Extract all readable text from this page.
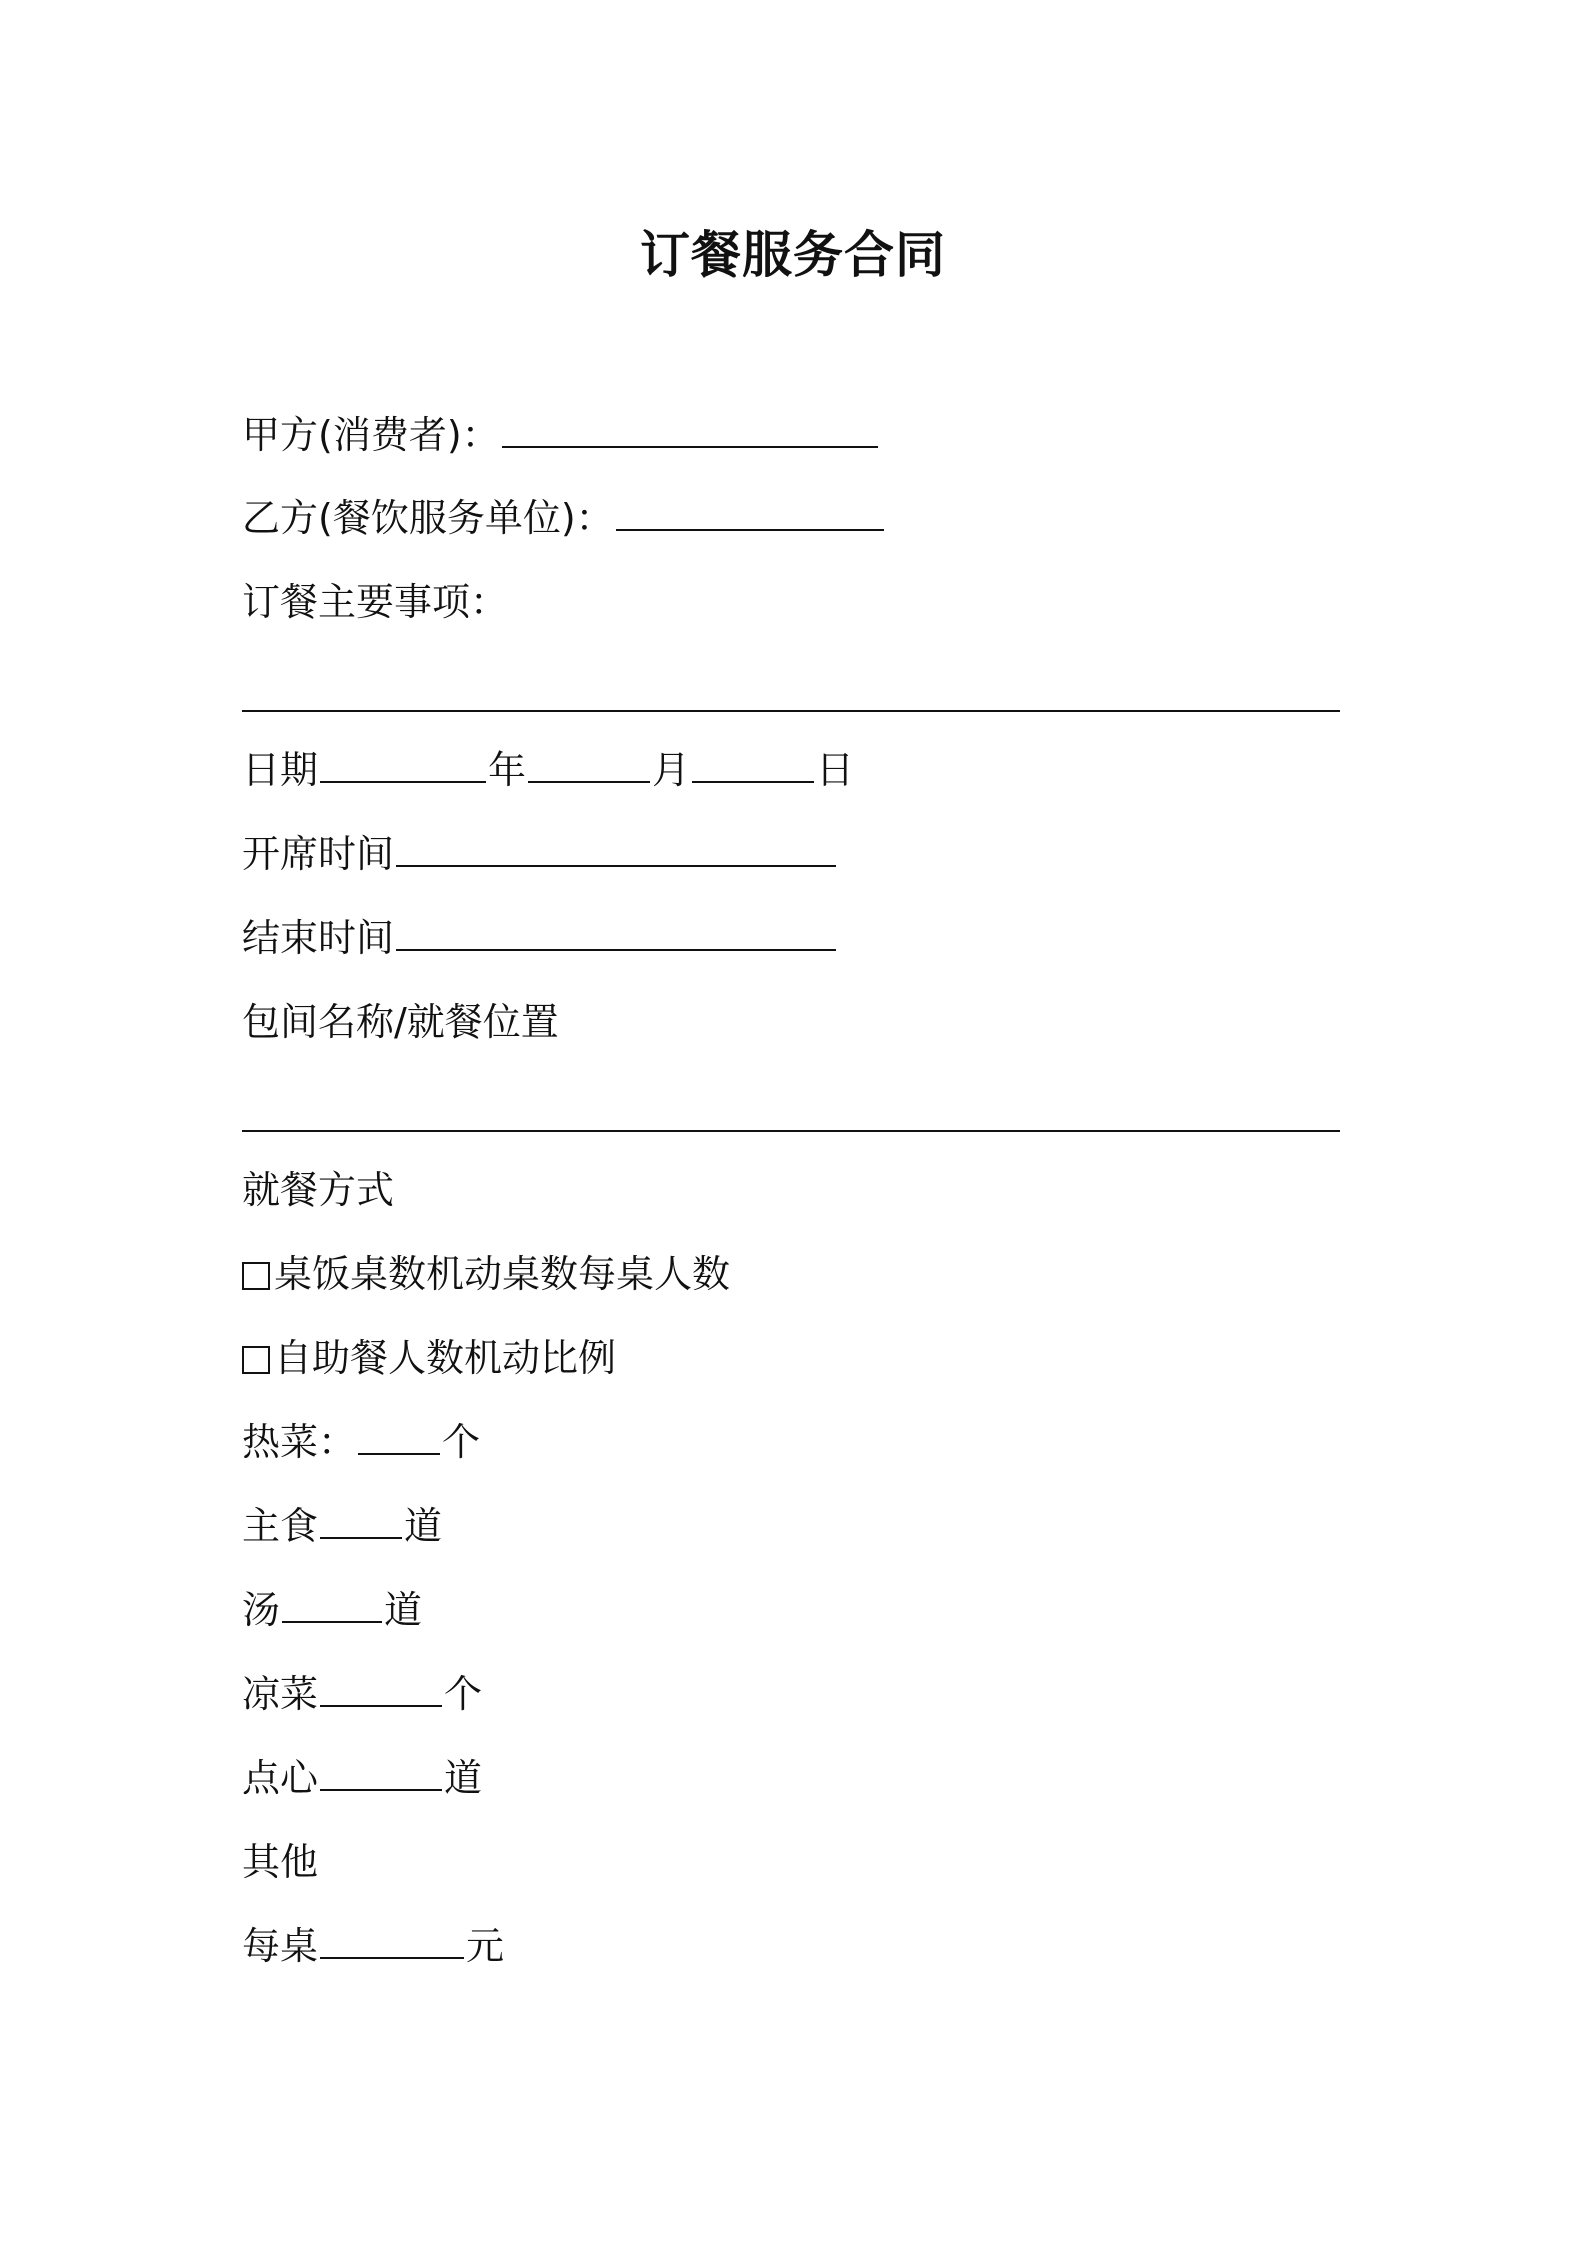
订餐服务合同
甲方(消费者)：
乙方(餐饮服务单位)：
订餐主要事项：
日期	年	月	日
开席时间
结束时间
包间名称/就餐位置
就餐方式
桌饭桌数机动桌数每桌人数
自助餐人数机动比例
热菜： 个
主食 道
汤	道
凉菜	个
点心	道
其他
每桌	元
